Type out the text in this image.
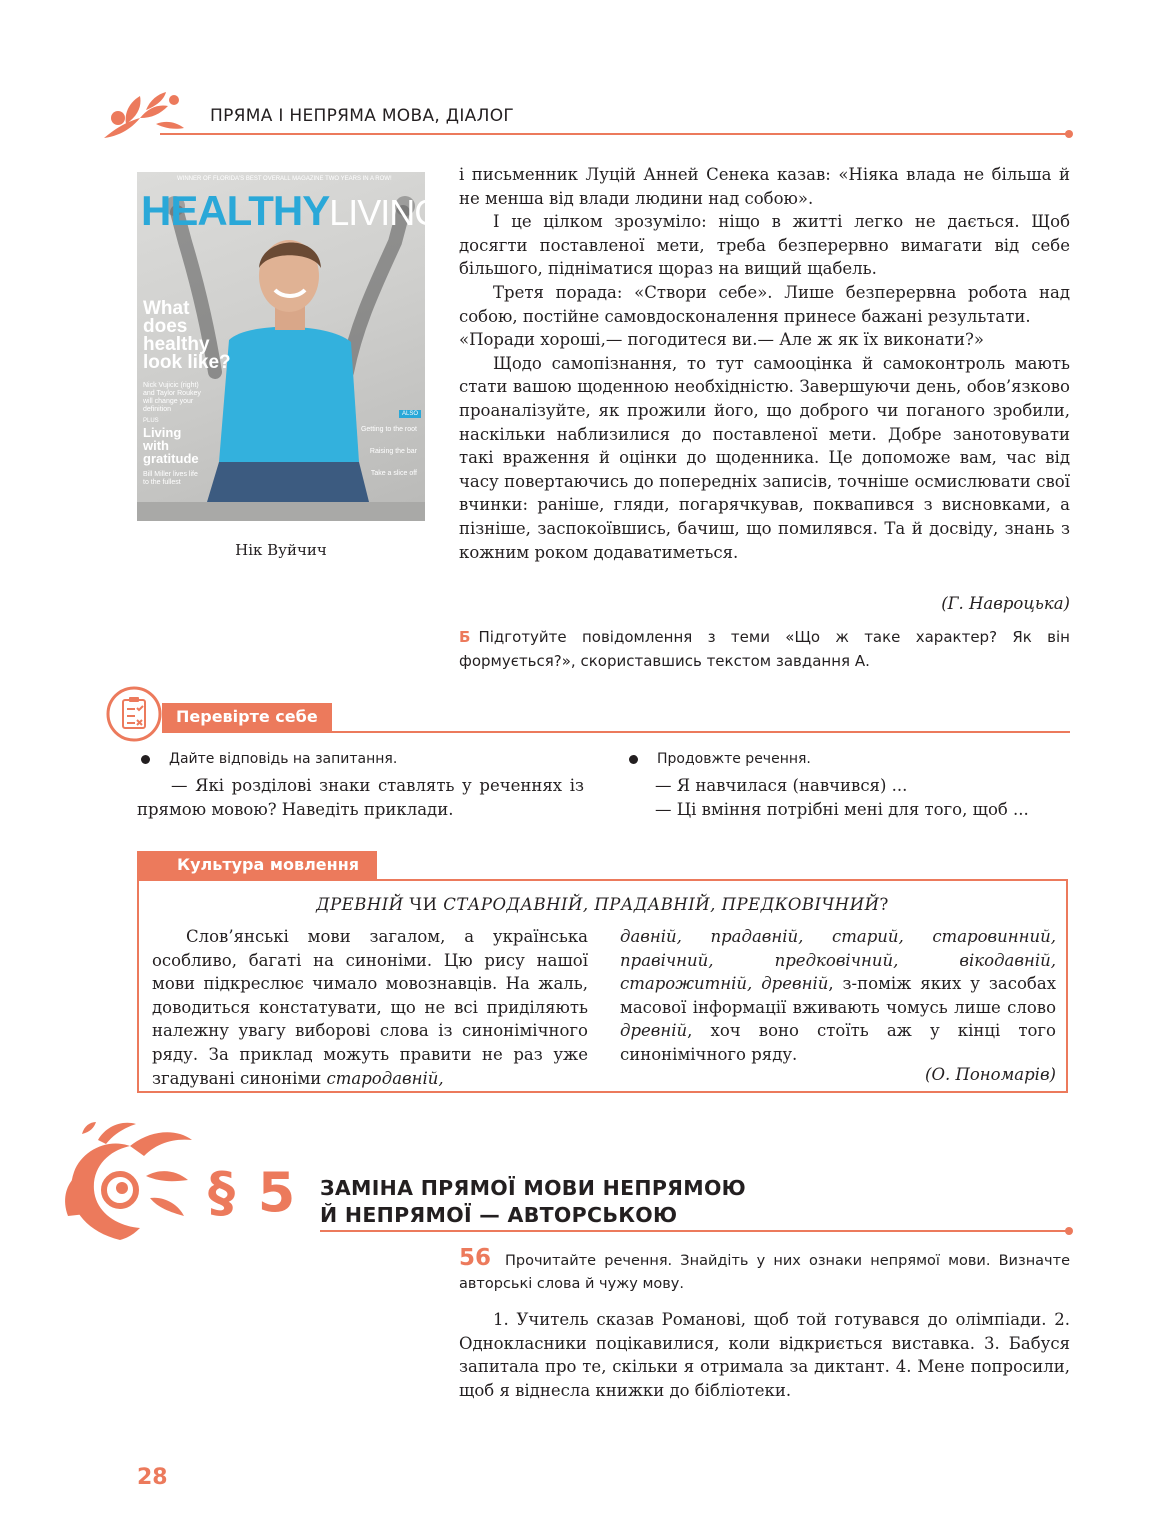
ПРЯМА І НЕПРЯМА МОВА, ДІАЛОГ
WINNER OF FLORIDA'S BEST OVERALL MAGAZINE TWO YEARS IN A ROW!
HEALTHYLIVING
What
does
healthy
look like?
Nick Vujicic (right)
and Taylor Roukey
will change your
definition
PLUS
Living
with
gratitude
Bill Miller lives life
to the fullest
ALSO
Getting to the root
Raising the bar
Take a slice off
Нік Вуйчич

і письменник Луцій Анней Сенека казав: «Ніяка влада не більша й не менша від влади людини над собою».

І це цілком зрозуміло: ніщо в житті легко не дається. Щоб досягти поставленої мети, треба безперервно вимагати від себе більшого, підніматися щораз на вищий щабель.

Третя порада: «Створи себе». Лише безперервна робота над собою, постійне самовдосконалення принесе бажані результати.

«Поради хороші,— погодитеся ви.— Але ж як їх виконати?»

Щодо самопізнання, то тут самооцінка й самоконтроль мають стати вашою щоденною необхідністю. Завершуючи день, обов’язково проаналізуйте, як прожили його, що доброго чи поганого зробили, наскільки наблизилися до поставленої мети. Добре занотовувати такі враження й оцінки до щоденника. Це допоможе вам, час від часу повертаючись до попередніх записів, точніше осмислювати свої вчинки: раніше, гляди, погарячкував, поквапився з висновками, а пізніше, заспокоївшись, бачиш, що помилявся. Та й досвіду, знань з кожним роком додаватиметься.

(Г. Навроцька)
Б Підготуйте повідомлення з теми «Що ж таке характер? Як він формується?», скориставшись текстом завдання А.
Перевірте себе
Дайте відповідь на запитання.
— Які розділові знаки ставлять у реченнях із прямою мовою? Наведіть приклади.
Продовжте речення.
— Я навчилася (навчився) ...
— Ці вміння потрібні мені для того, щоб ...
Культура мовлення
ДРЕВНІЙ ЧИ СТАРОДАВНІЙ, ПРАДАВНІЙ, ПРЕДКОВІЧНИЙ?
Слов’янські мови загалом, а українська особливо, багаті на синоніми. Цю рису нашої мови підкреслює чимало мовознавців. На жаль, доводиться констатувати, що не всі приділяють належну увагу виборові слова із синонімічного ряду. За приклад можуть правити не раз уже згадувані синоніми стародавній,
давній, прадавній, старий, старовинний, правічний, предковічний, вікодавній, старожитній, древній, з-поміж яких у засобах масової інформації вживають чомусь лише слово древній, хоч воно стоїть аж у кінці того синонімічного ряду.
(О. Пономарів)
§ 5 ЗАМІНА ПРЯМОЇ МОВИ НЕПРЯМОЮ
Й НЕПРЯМОЇ — АВТОРСЬКОЮ
56 Прочитайте речення. Знайдіть у них ознаки непрямої мови. Визначте авторські слова й чужу мову.
1. Учитель сказав Романові, щоб той готувався до олімпіади. 2. Однокласники поцікавилися, коли відкриється виставка. 3. Бабуся запитала про те, скільки я отримала за диктант. 4. Мене попросили, щоб я віднесла книжки до бібліотеки.
28
